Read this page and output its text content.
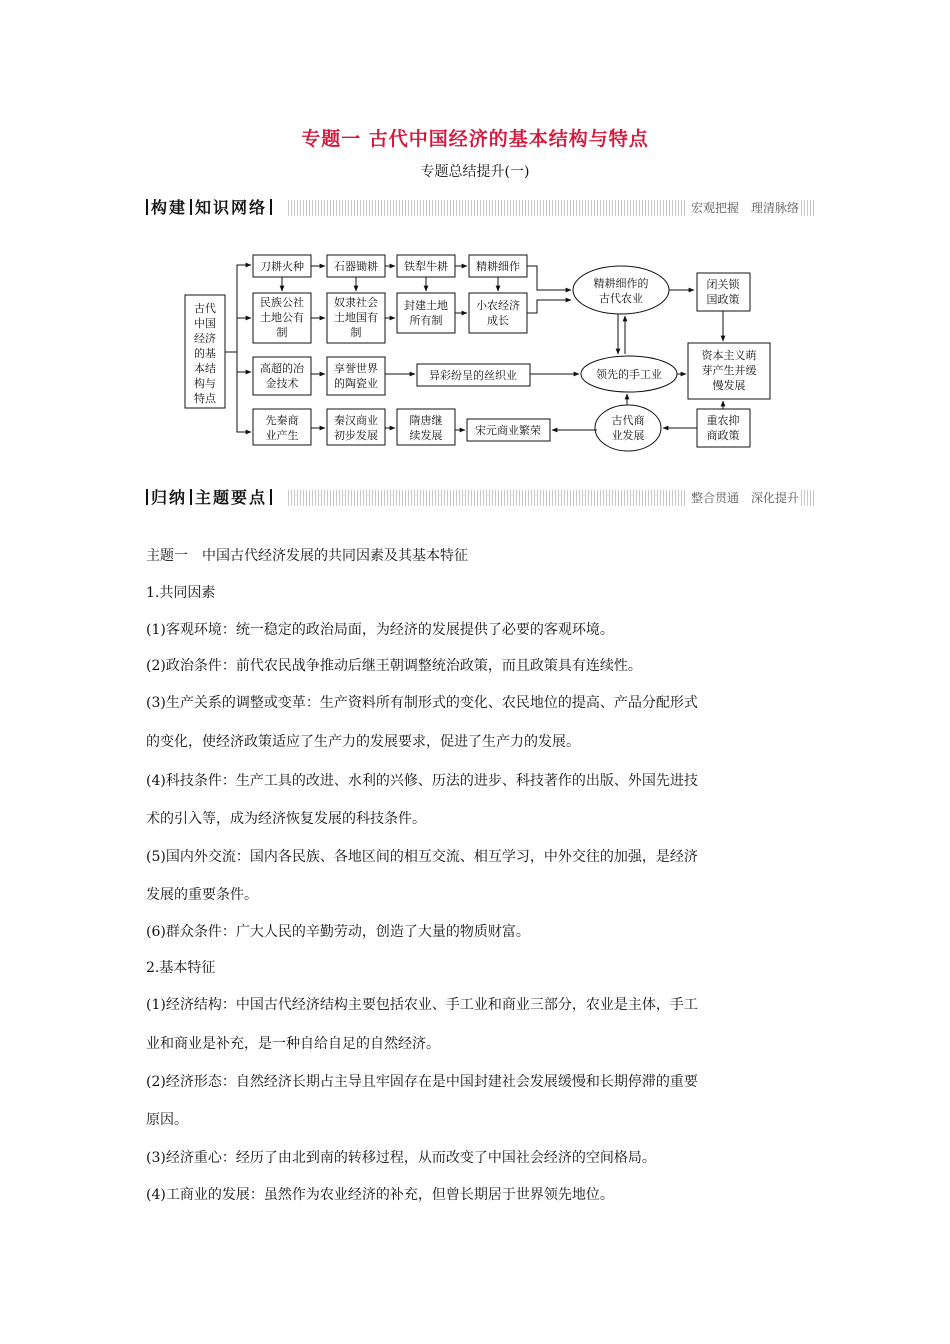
专题一 古代中国经济的基本结构与特点
专题总结提升(一)
构建 知识网络	宏观把握　理清脉络
古代
中国
经济
的基
本结
构与
特点
刀耕火种	石器锄耕 铁犁牛耕	精耕细作
民族公社
土地公有
制
奴隶社会
土地国有
制
封建土地
所有制
小农经济
成长
高超的冶
金技术
享誉世界
的陶瓷业
异彩纷呈的丝织业
先秦商
业产生
秦汉商业
初步发展
隋唐继
续发展	宋元商业繁荣
精耕细作的
古代农业
领先的手工业
古代商
业发展
闭关锁
国政策
资本主义萌
芽产生并缓
慢发展
重农抑
商政策
归纳 主题要点	整合贯通　深化提升

主题一　中国古代经济发展的共同因素及其基本特征

1.共同因素

(1)客观环境：统一稳定的政治局面，为经济的发展提供了必要的客观环境。

(2)政治条件：前代农民战争推动后继王朝调整统治政策，而且政策具有连续性。

(3)生产关系的调整或变革：生产资料所有制形式的变化、农民地位的提高、产品分配形式

的变化，使经济政策适应了生产力的发展要求，促进了生产力的发展。

(4)科技条件：生产工具的改进、水利的兴修、历法的进步、科技著作的出版、外国先进技

术的引入等，成为经济恢复发展的科技条件。

(5)国内外交流：国内各民族、各地区间的相互交流、相互学习，中外交往的加强，是经济

发展的重要条件。

(6)群众条件：广大人民的辛勤劳动，创造了大量的物质财富。

2.基本特征

(1)经济结构：中国古代经济结构主要包括农业、手工业和商业三部分，农业是主体，手工

业和商业是补充，是一种自给自足的自然经济。

(2)经济形态：自然经济长期占主导且牢固存在是中国封建社会发展缓慢和长期停滞的重要

原因。

(3)经济重心：经历了由北到南的转移过程，从而改变了中国社会经济的空间格局。

(4)工商业的发展：虽然作为农业经济的补充，但曾长期居于世界领先地位。
